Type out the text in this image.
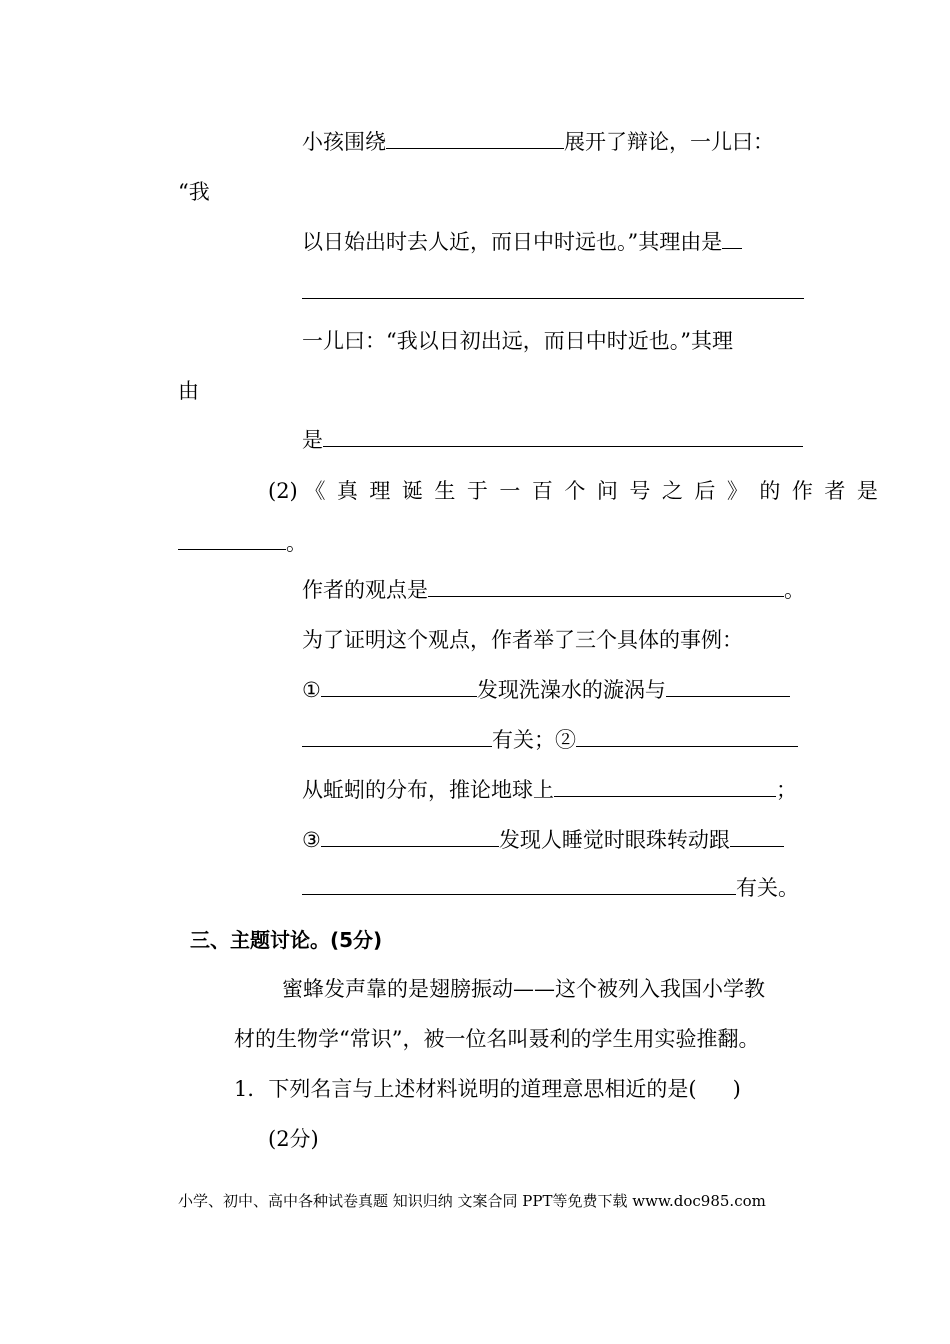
小孩围绕	展开了辩论，一儿曰：
“我
以日始出时去人近，而日中时远也。”其理由是
一儿曰：“我以日初出远，而日中时近也。”其理
由
是
(2) 《真理诞生于一百个问号之后》的作者是
。
作者的观点是	。
为了证明这个观点，作者举了三个具体的事例：
①	发现洗澡水的漩涡与
有关；②
从蚯蚓的分布，推论地球上	；
③	发现人睡觉时眼珠转动跟
有关。
三、主题讨论。(5分)
蜜蜂发声靠的是翅膀振动——这个被列入我国小学教
材的生物学“常识”，被一位名叫聂利的学生用实验推翻。
1．下列名言与上述材料说明的道理意思相近的是( )
(2分)
小学、初中、高中各种试卷真题 知识归纳 文案合同 PPT等免费下载 www.doc985.com
